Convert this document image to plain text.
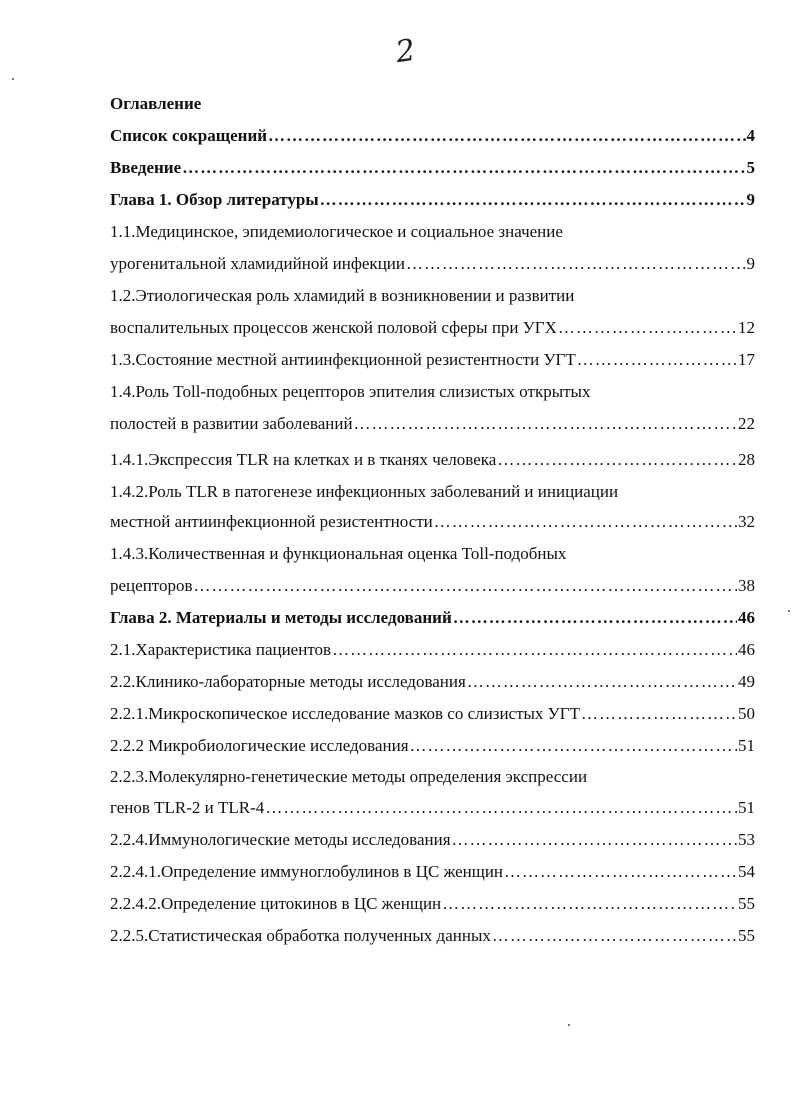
2
Оглавление
Список сокращений ……………………………………………………………………………………………………………………………………………………………………………………	4
Введение ……………………………………………………………………………………………………………………………………………………………………………………	5
Глава 1. Обзор литературы ……………………………………………………………………………………………………………………………………………………………………………………	9
1.1.Медицинское, эпидемиологическое и социальное значение
урогенитальной хламидийной инфекции ……………………………………………………………………………………………………………………………………………………………………………………	9
1.2.Этиологическая роль хламидий в возникновении и развитии
воспалительных процессов женской половой сферы при УГХ ……………………………………………………………………………………………………………………………………………………………………………………	12
1.3.Состояние местной антиинфекционной резистентности УГТ ……………………………………………………………………………………………………………………………………………………………………………………	17
1.4.Роль Toll-подобных рецепторов эпителия слизистых открытых
полостей в развитии заболеваний ……………………………………………………………………………………………………………………………………………………………………………………	22
1.4.1.Экспрессия TLR на клетках и в тканях человека ……………………………………………………………………………………………………………………………………………………………………………………	28
1.4.2.Роль TLR в патогенезе инфекционных заболеваний и инициации
местной антиинфекционной резистентности ……………………………………………………………………………………………………………………………………………………………………………………	32
1.4.3.Количественная и функциональная оценка Toll-подобных
рецепторов ……………………………………………………………………………………………………………………………………………………………………………………	38
Глава 2. Материалы и методы исследований ……………………………………………………………………………………………………………………………………………………………………………………	46
2.1.Характеристика пациентов ……………………………………………………………………………………………………………………………………………………………………………………	46
2.2.Клинико-лабораторные методы исследования ……………………………………………………………………………………………………………………………………………………………………………………	49
2.2.1.Микроскопическое исследование мазков со слизистых УГТ ……………………………………………………………………………………………………………………………………………………………………………………	50
2.2.2 Микробиологические исследования ……………………………………………………………………………………………………………………………………………………………………………………	51
2.2.3.Молекулярно-генетические методы определения экспрессии
генов TLR-2 и TLR-4 ……………………………………………………………………………………………………………………………………………………………………………………	51
2.2.4.Иммунологические методы исследования ……………………………………………………………………………………………………………………………………………………………………………………	53
2.2.4.1.Определение иммуноглобулинов в ЦС женщин ……………………………………………………………………………………………………………………………………………………………………………………	54
2.2.4.2.Определение цитокинов в ЦС женщин ……………………………………………………………………………………………………………………………………………………………………………………	55
2.2.5.Статистическая обработка полученных данных ……………………………………………………………………………………………………………………………………………………………………………………	55
